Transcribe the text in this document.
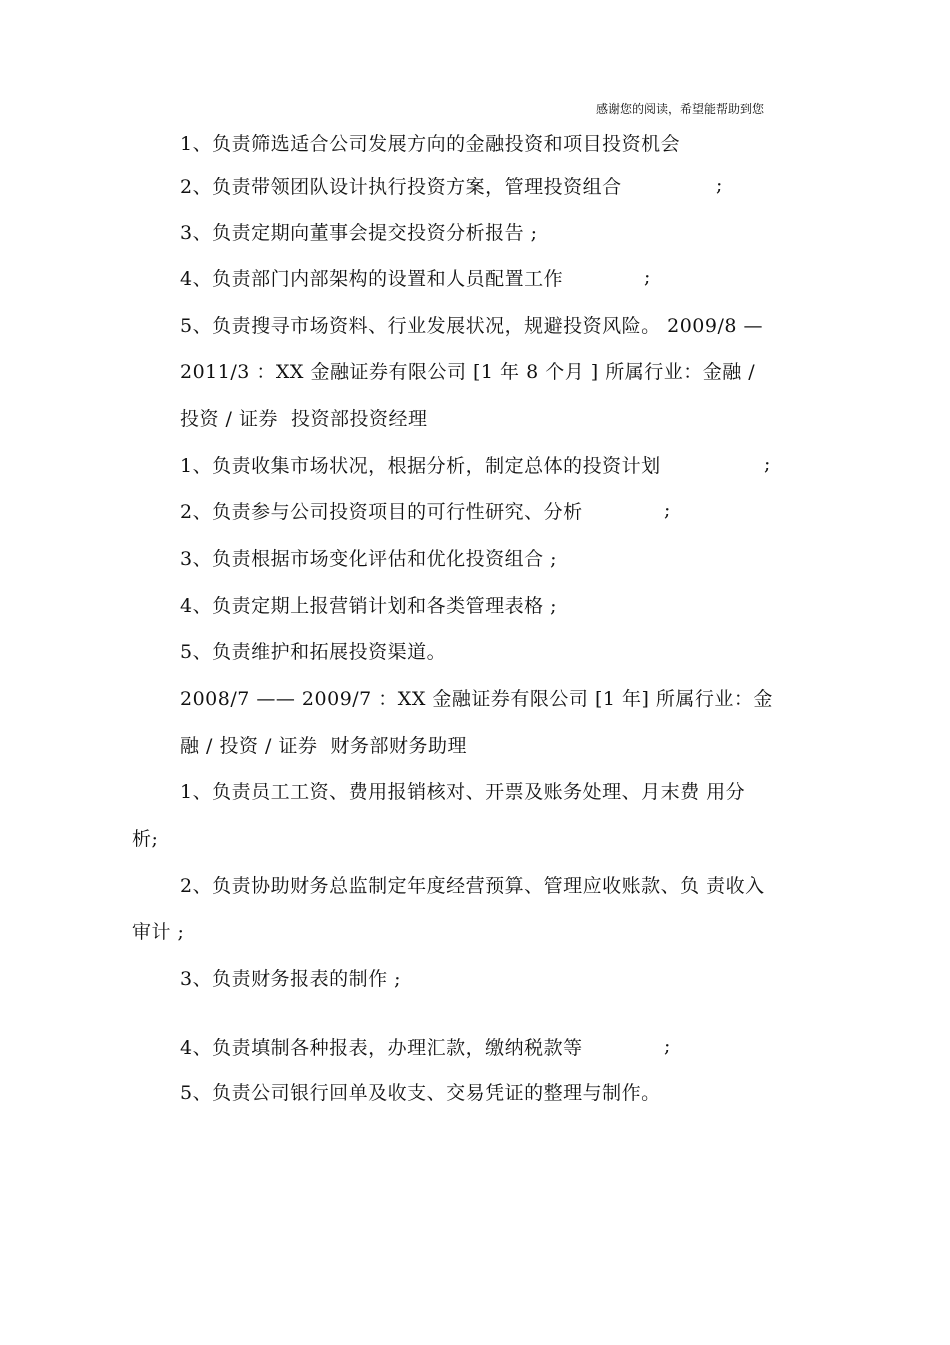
感谢您的阅读，希望能帮助到您
1、负责筛选适合公司发展方向的金融投资和项目投资机会
2、负责带领团队设计执行投资方案，管理投资组合	;
3、负责定期向董事会提交投资分析报告 ;
4、负责部门内部架构的设置和人员配置工作	;
5、负责搜寻市场资料、行业发展状况，规避投资风险。 2009/8 —
2011/3 ：XX 金融证券有限公司 [1 年 8 个月 ] 所属行业：金融 /
投资 / 证券  投资部投资经理
1、负责收集市场状况，根据分析，制定总体的投资计划	;
2、负责参与公司投资项目的可行性研究、分析	;
3、负责根据市场变化评估和优化投资组合 ;
4、负责定期上报营销计划和各类管理表格 ;
5、负责维护和拓展投资渠道。
2008/7 —— 2009/7 ：XX 金融证券有限公司 [1 年] 所属行业：金
融 / 投资 / 证券  财务部财务助理
1、负责员工工资、费用报销核对、开票及账务处理、月末费 用分
析;
2、负责协助财务总监制定年度经营预算、管理应收账款、负 责收入
审计 ;
3、负责财务报表的制作 ;
4、负责填制各种报表，办理汇款，缴纳税款等	;
5、负责公司银行回单及收支、交易凭证的整理与制作。
